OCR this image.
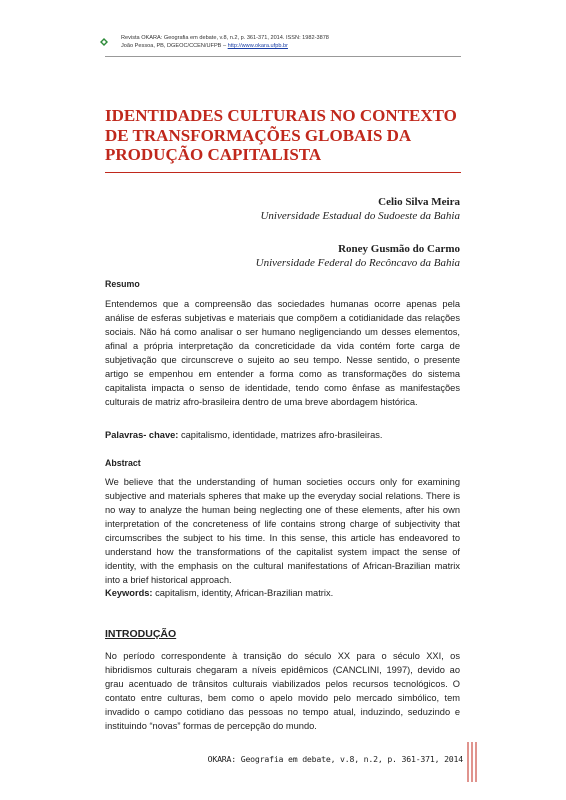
Revista OKARA: Geografia em debate, v.8, n.2, p. 361-371, 2014. ISSN: 1982-3878
João Pessoa, PB, DGEOC/CCEN/UFPB – http://www.okara.ufpb.br
IDENTIDADES CULTURAIS NO CONTEXTO DE TRANSFORMAÇÕES GLOBAIS DA PRODUÇÃO CAPITALISTA
Celio Silva Meira
Universidade Estadual do Sudoeste da Bahia
Roney Gusmão do Carmo
Universidade Federal do Recôncavo da Bahia
Resumo

Entendemos que a compreensão das sociedades humanas ocorre apenas pela análise de esferas subjetivas e materiais que compõem a cotidianidade das relações sociais. Não há como analisar o ser humano negligenciando um desses elementos, afinal a própria interpretação da concreticidade da vida contém forte carga de subjetivação que circunscreve o sujeito ao seu tempo. Nesse sentido, o presente artigo se empenhou em entender a forma como as transformações do sistema capitalista impacta o senso de identidade, tendo como ênfase as manifestações culturais de matriz afro-brasileira dentro de uma breve abordagem histórica.

Palavras- chave: capitalismo, identidade, matrizes afro-brasileiras.

Abstract

We believe that the understanding of human societies occurs only for examining subjective and materials spheres that make up the everyday social relations. There is no way to analyze the human being neglecting one of these elements, after his own interpretation of the concreteness of life contains strong charge of subjectivity that circumscribes the subject to his time. In this sense, this article has endeavored to understand how the transformations of the capitalist system impact the sense of identity, with the emphasis on the cultural manifestations of African-Brazilian matrix into a brief historical approach.

Keywords: capitalism, identity, African-Brazilian matrix.

INTRODUÇÃO

No período correspondente à transição do século XX para o século XXI, os hibridismos culturais chegaram a níveis epidêmicos (CANCLINI, 1997), devido ao grau acentuado de trânsitos culturais viabilizados pelos recursos tecnológicos. O contato entre culturas, bem como o apelo movido pelo mercado simbólico, tem invadido o campo cotidiano das pessoas no tempo atual, induzindo, seduzindo e instituindo “novas” formas de percepção do mundo.

OKARA: Geografia em debate, v.8, n.2, p. 361-371, 2014
